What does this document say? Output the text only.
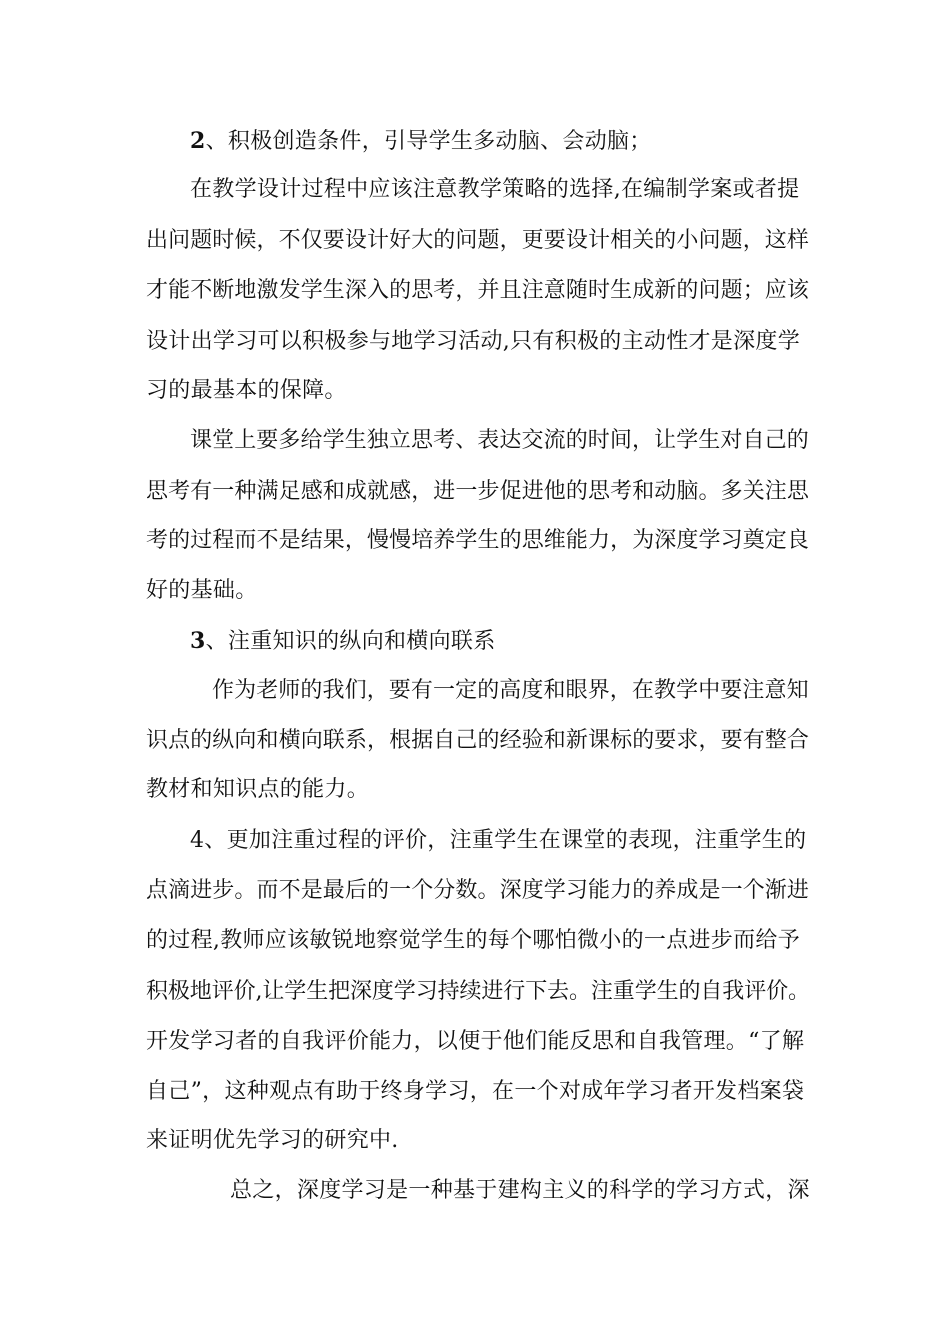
2、积极创造条件，引导学生多动脑、会动脑；
在教学设计过程中应该注意教学策略的选择,在编制学案或者提
出问题时候，不仅要设计好大的问题，更要设计相关的小问题，这样
才能不断地激发学生深入的思考，并且注意随时生成新的问题；应该
设计出学习可以积极参与地学习活动,只有积极的主动性才是深度学
习的最基本的保障。
课堂上要多给学生独立思考、表达交流的时间，让学生对自己的
思考有一种满足感和成就感，进一步促进他的思考和动脑。多关注思
考的过程而不是结果，慢慢培养学生的思维能力，为深度学习奠定良
好的基础。
3、注重知识的纵向和横向联系
作为老师的我们，要有一定的高度和眼界，在教学中要注意知
识点的纵向和横向联系，根据自己的经验和新课标的要求，要有整合
教材和知识点的能力。
4、更加注重过程的评价，注重学生在课堂的表现，注重学生的
点滴进步。而不是最后的一个分数。深度学习能力的养成是一个渐进
的过程,教师应该敏锐地察觉学生的每个哪怕微小的一点进步而给予
积极地评价,让学生把深度学习持续进行下去。注重学生的自我评价。
开发学习者的自我评价能力，以便于他们能反思和自我管理。“了解
自己”，这种观点有助于终身学习，在一个对成年学习者开发档案袋
来证明优先学习的研究中.
总之，深度学习是一种基于建构主义的科学的学习方式，深
